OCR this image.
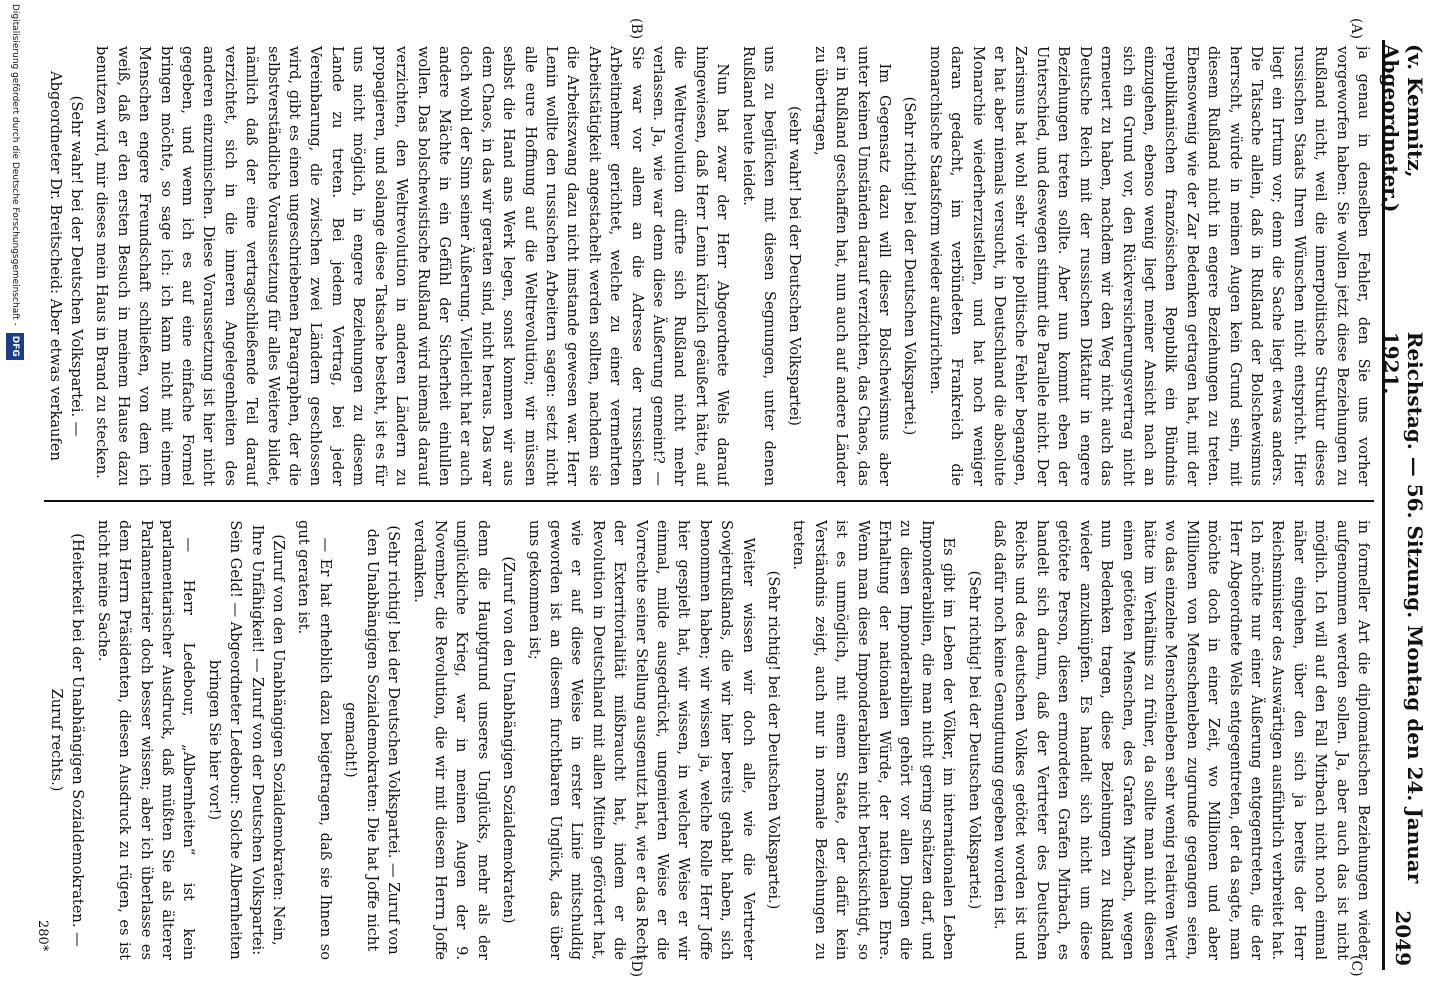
(v. Kemnitz, Abgeordneter.)
Reichstag. — 56. Sitzung. Montag den 24. Januar 1921.
2049
(A)
(B)
(C)
(D)

ja genau in denselben Fehler, den Sie uns vorher vorgeworfen haben: Sie wollen jetzt diese Beziehungen zu Rußland nicht, weil die innerpolitische Struktur dieses russischen Staats Ihren Wünschen nicht entspricht. Hier liegt ein Irrtum vor; denn die Sache liegt etwas anders. Die Tatsache allein, daß in Rußland der Bolschewismus herrscht, würde in meinen Augen kein Grund sein, mit diesem Rußland nicht in engere Beziehungen zu treten. Ebensowenig wie der Zar Bedenken getragen hat, mit der republikanischen französischen Republik ein Bündnis einzugehen, ebenso wenig liegt meiner Ansicht nach an sich ein Grund vor, den Rückversicherungsvertrag nicht erneuert zu haben, nachdem wir den Weg nicht auch das Deutsche Reich mit der russischen Diktatur in engere Beziehungen treten sollte. Aber nun kommt eben der Unterschied, und deswegen stimmt die Parallele nicht. Der Zarismus hat wohl sehr viele politische Fehler begangen, er hat aber niemals versucht, in Deutschland die absolute Monarchie wiederherzustellen, und hat noch weniger daran gedacht, im verbündeten Frankreich die monarchische Staatsform wieder aufzurichten.

(Sehr richtig! bei der Deutschen Volkspartei.)

Im Gegensatz dazu will dieser Bolschewismus aber unter keinen Umständen darauf verzichten, das Chaos, das er in Rußland geschaffen hat, nun auch auf andere Länder zu übertragen,

(sehr wahr! bei der Deutschen Volkspartei)

uns zu beglücken mit diesen Segnungen, unter denen Rußland heute leidet.

Nun hat zwar der Herr Abgeordnete Wels darauf hingewiesen, daß Herr Lenin kürzlich geäußert hätte, auf die Weltrevolution dürfte sich Rußland nicht mehr verlassen. Ja, wie war denn diese Äußerung gemeint? — Sie war vor allem an die Adresse der russischen Arbeitnehmer gerichtet, welche zu einer vermehrten Arbeitstätigkeit angestachelt werden sollten, nachdem sie die Arbeitszwang dazu nicht imstande gewesen war. Herr Lenin wollte den russischen Arbeitern sagen: setzt nicht alle eure Hoffnung auf die Weltrevolution; wir müssen selbst die Hand ans Werk legen, sonst kommen wir aus dem Chaos, in das wir geraten sind, nicht heraus. Das war doch wohl der Sinn seiner Äußerung. Vielleicht hat er auch andere Mächte in ein Gefühl der Sicherheit einlullen wollen. Das bolschewistische Rußland wird niemals darauf verzichten, den Weltrevolution in anderen Ländern zu propagieren, und solange diese Tatsache besteht, ist es für uns nicht möglich, in engere Beziehungen zu diesem Lande zu treten. Bei jedem Vertrag, bei jeder Vereinbarung, die zwischen zwei Ländern geschlossen wird, gibt es einen ungeschriebenen Paragraphen, der die selbstverständliche Voraussetzung für alles Weitere bildet, nämlich daß der eine vertragschließende Teil darauf verzichtet, sich in die inneren Angelegenheiten des anderen einzumischen. Diese Voraussetzung ist hier nicht gegeben, und wenn ich es auf eine einfache Formel bringen möchte, so sage ich: ich kann nicht mit einem Menschen engere Freundschaft schließen, von dem ich weiß, daß er den ersten Besuch in meinem Hause dazu benutzen wird, mir dieses mein Haus in Brand zu stecken.

(Sehr wahr! bei der Deutschen Volkspartei. — Abgeordneter Dr. Breitscheid: Aber etwas verkaufen

in formeller Art die diplomatischen Beziehungen wieder aufgenommen werden sollen. Ja, aber auch das ist nicht möglich. Ich will auf den Fall Mirbach nicht noch einmal näher eingehen, über den sich ja bereits der Herr Reichsminister des Auswärtigen ausführlich verbreitet hat. Ich möchte nur einer Äußerung entgegentreten, die der Herr Abgeordnete Wels entgegentreten, der da sagte, man möchte doch in einer Zeit, wo Millionen und aber Millionen von Menschenleben zugrunde gegangen seien, wo das einzelne Menschenleben sehr wenig relativen Wert hätte im Verhältnis zu früher, da sollte man nicht diesen einen getöteten Menschen, des Grafen Mirbach, wegen nun Bedenken tragen, diese Beziehungen zu Rußland wieder anzuknüpfen. Es handelt sich nicht um diese getötete Person, diesen ermordeten Grafen Mirbach, es handelt sich darum, daß der Vertreter des Deutschen Reichs und des deutschen Volkes getötet worden ist und daß dafür noch keine Genugtuung gegeben worden ist.

(Sehr richtig! bei der Deutschen Volkspartei.)

Es gibt im Leben der Völker, im internationalen Leben Imponderabilien, die man nicht gering schätzen darf, und zu diesen Imponderabilien gehört vor allen Dingen die Erhaltung der nationalen Würde, der nationalen Ehre. Wenn man diese Imponderabilien nicht berücksichtigt, so ist es unmöglich, mit einem Staate, der dafür kein Verständnis zeigt, auch nur in normale Beziehungen zu treten.

(Sehr richtig! bei der Deutschen Volkspartei.)

Weiter wissen wir doch alle, wie die Vertreter Sowjetrußlands, die wir hier bereits gehabt haben, sich benommen haben; wir wissen ja, welche Rolle Herr Joffe hier gespielt hat, wir wissen, in welcher Weise er wir einmal, milde ausgedrückt, ungenierten Weise er die Vorrechte seiner Stellung ausgenutzt hat, wie er das Recht der Exterritorialität mißbraucht hat, indem er die Revolution in Deutschland mit allen Mitteln gefördert hat, wie er auf diese Weise in erster Linie mitschuldig geworden ist an diesem furchtbaren Unglück, das über uns gekommen ist;

(Zuruf von den Unabhängigen Sozialdemokraten)

denn die Hauptgrund unseres Unglücks, mehr als der unglückliche Krieg, war in meinen Augen der 9. November, die Revolution, die wir mit diesem Herrn Joffe verdanken.

(Sehr richtig! bei der Deutschen Volkspartei. — Zuruf von den Unabhängigen Sozialdemokraten: Die hat Joffe nicht gemacht!)

— Er hat erheblich dazu beigetragen, daß sie Ihnen so gut geraten ist.

(Zuruf von den Unabhängigen Sozialdemokraten: Nein, Ihre Unfähigkeit! — Zuruf von der Deutschen Volkspartei: Sein Geld! — Abgeordneter Ledebour: Solche Albernheiten bringen Sie hier vor!)

— Herr Ledebour, „Albernheiten“ ist kein parlamentarischer Ausdruck, daß müßten Sie als älterer Parlamentarier doch besser wissen; aber ich überlasse es dem Herrn Präsidenten, diesen Ausdruck zu rügen, es ist nicht meine Sache.

(Heiterkeit bei der Unabhängigen Sozialdemokraten. — Zuruf rechts.)

280*
Digitalisierung gefördert durch die Deutsche Forschungsgemeinschaft - DFG
